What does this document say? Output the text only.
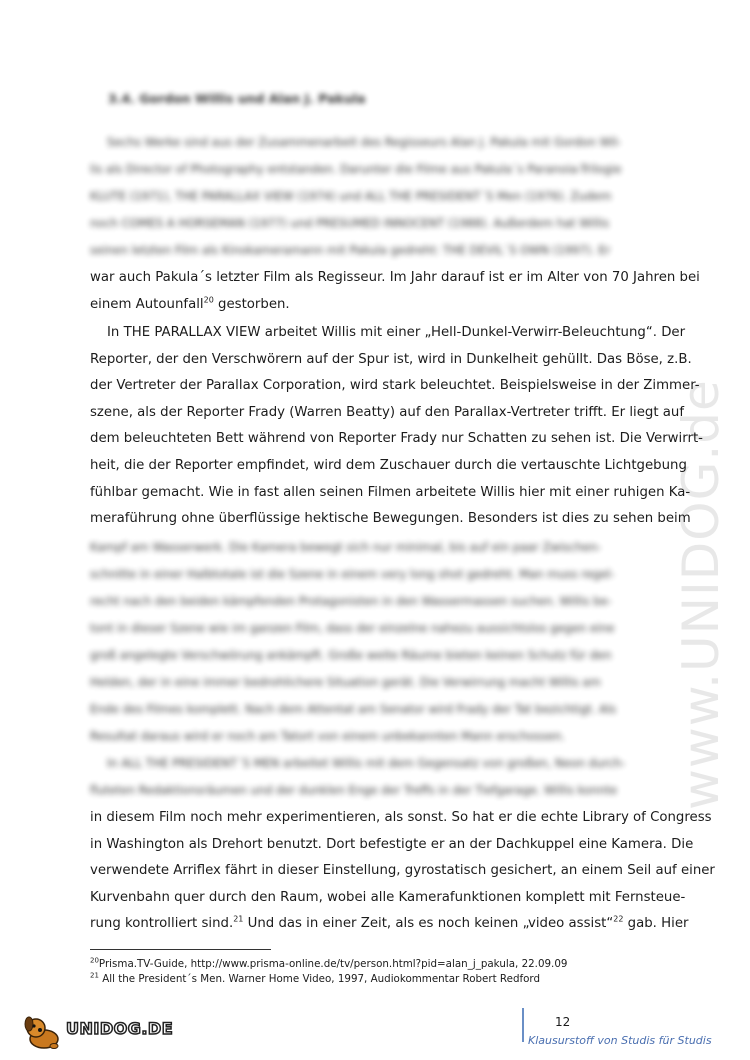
www.UNIDOG.de
3.4. Gordon Willis und Alan J. Pakula
Sechs Werke sind aus der Zusammenarbeit des Regisseurs Alan J. Pakula mit Gordon Wil-
lis als Director of Photography entstanden. Darunter die Filme aus Pakula´s Paranoia-Trilogie
KLUTE (1971), THE PARALLAX VIEW (1974) und ALL THE PRESIDENT´S Men (1976). Zudem
noch COMES A HORSEMAN (1977) und PRESUMED INNOCENT (1988). Außerdem hat Willis
seinen letzten Film als Kinokameramann mit Pakula gedreht: THE DEVIL´S OWN (1997). Er
war auch Pakula´s letzter Film als Regisseur. Im Jahr darauf ist er im Alter von 70 Jahren bei
einem Autounfall$^{20}$ gestorben.
In THE PARALLAX VIEW arbeitet Willis mit einer „Hell-Dunkel-Verwirr-Beleuchtung“. Der
Reporter, der den Verschwörern auf der Spur ist, wird in Dunkelheit gehüllt. Das Böse, z.B.
der Vertreter der Parallax Corporation, wird stark beleuchtet. Beispielsweise in der Zimmer-
szene, als der Reporter Frady (Warren Beatty) auf den Parallax-Vertreter trifft. Er liegt auf
dem beleuchteten Bett während von Reporter Frady nur Schatten zu sehen ist. Die Verwirrt-
heit, die der Reporter empfindet, wird dem Zuschauer durch die vertauschte Lichtgebung
fühlbar gemacht. Wie in fast allen seinen Filmen arbeitete Willis hier mit einer ruhigen Ka-
meraführung ohne überflüssige hektische Bewegungen. Besonders ist dies zu sehen beim
Kampf am Wasserwerk. Die Kamera bewegt sich nur minimal, bis auf ein paar Zwischen-
schnitte in einer Halbtotale ist die Szene in einem very long shot gedreht. Man muss regel-
recht nach den beiden kämpfenden Protagonisten in den Wassermassen suchen. Willis be-
tont in dieser Szene wie im ganzen Film, dass der einzelne nahezu aussichtslos gegen eine
groß angelegte Verschwörung ankämpft. Große weite Räume bieten keinen Schutz für den
Helden, der in eine immer bedrohlichere Situation gerät. Die Verwirrung macht Willis am
Ende des Filmes komplett. Nach dem Attentat am Senator wird Frady der Tat bezichtigt. Als
Resultat daraus wird er noch am Tatort von einem unbekannten Mann erschossen.
In ALL THE PRESIDENT´S MEN arbeitet Willis mit dem Gegensatz von großen, Neon durch-
fluteten Redaktionsräumen und der dunklen Enge der Treffs in der Tiefgarage. Willis konnte
in diesem Film noch mehr experimentieren, als sonst. So hat er die echte Library of Congress
in Washington als Drehort benutzt. Dort befestigte er an der Dachkuppel eine Kamera. Die
verwendete Arriflex fährt in dieser Einstellung, gyrostatisch gesichert, an einem Seil auf einer
Kurvenbahn quer durch den Raum, wobei alle Kamerafunktionen komplett mit Fernsteue-
rung kontrolliert sind.$^{21}$ Und das in einer Zeit, als es noch keinen „video assist“$^{22}$ gab. Hier
$^{20}$Prisma.TV-Guide, http://www.prisma-online.de/tv/person.html?pid=alan_j_pakula, 22.09.09
$^{21}$ All the President´s Men. Warner Home Video, 1997, Audiokommentar Robert Redford
UNIDOG.DE	12
Klausurstoff von Studis für Studis
